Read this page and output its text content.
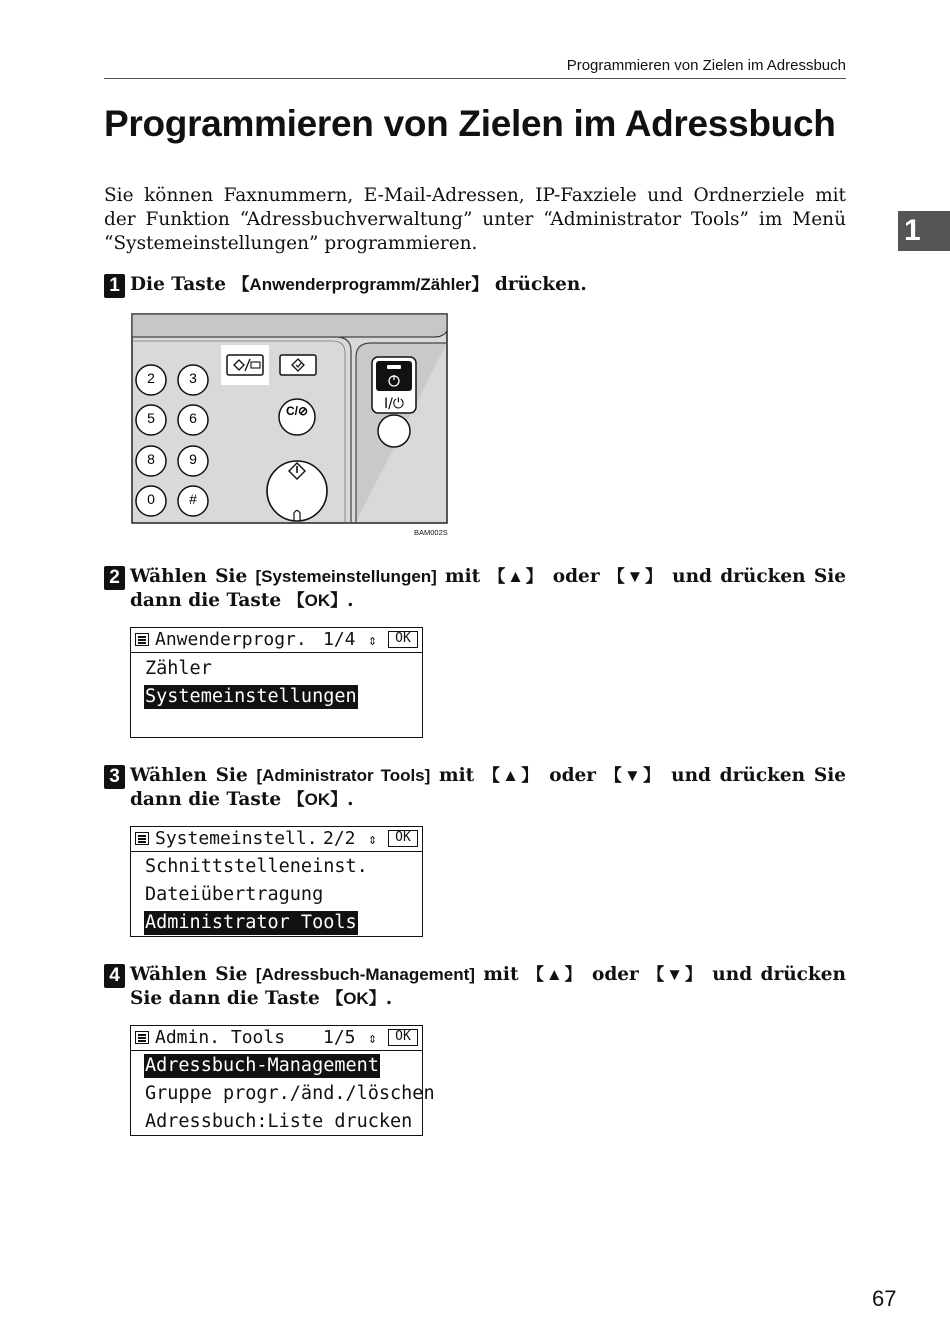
Programmieren von Zielen im Adressbuch
Programmieren von Zielen im Adressbuch

Sie können Faxnummern, E-Mail-Adressen, IP-Faxziele und Ordnerziele mit der Funktion “Adressbuchverwaltung” unter “Administrator Tools” im Menü “Systemeinstellungen” programmieren.	1
1 Die Taste 【Anwenderprogramm/Zähler】 drücken.

2 3
5 6
8 9
0 #
C/⊘	I/⏻
BAM002S
2 Wählen Sie [Systemeinstellungen] mit 【▲】 oder 【▼】 und drücken Sie dann die Taste 【OK】.

Anwenderprogr. 1/4 ⇕	OK
Zähler
Systemeinstellungen
3 Wählen Sie [Administrator Tools] mit 【▲】 oder 【▼】 und drücken Sie dann die Taste 【OK】.

Systemeinstell. 2/2 ⇕	OK
Schnittstelleneinst.
Dateiübertragung
Administrator Tools
4 Wählen Sie [Adressbuch-Management] mit 【▲】 oder 【▼】 und drücken Sie dann die Taste 【OK】.

Admin. Tools 1/5 ⇕	OK
Adressbuch-Management
Gruppe progr./änd./löschen
Adressbuch:Liste drucken
67
